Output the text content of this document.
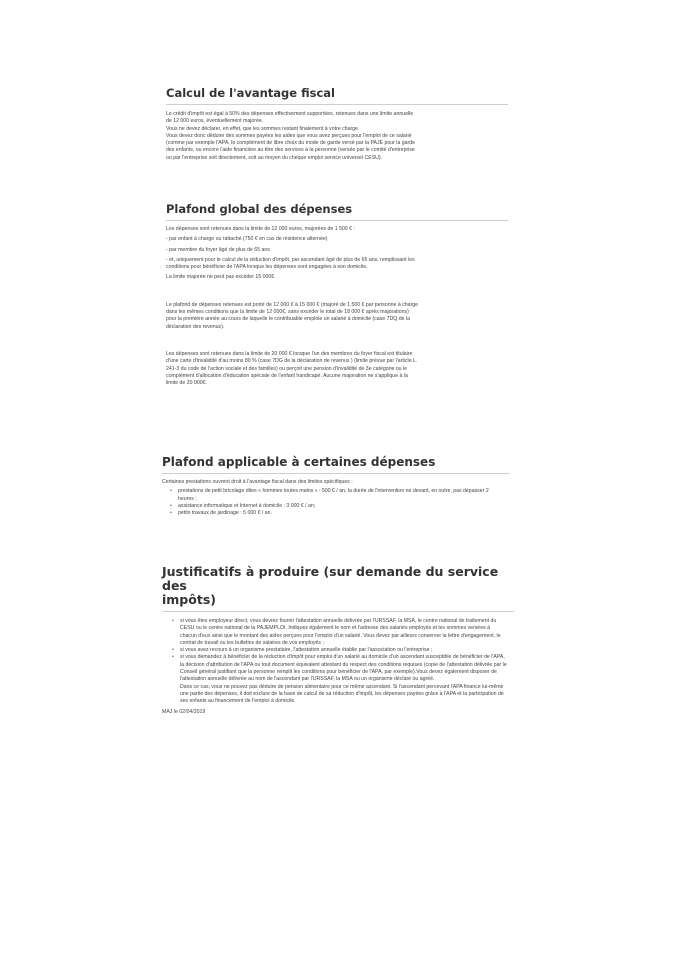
Calcul de l'avantage fiscal

Le crédit d'impôt est égal à 50% des dépenses effectivement supportées, retenues dans une limite annuelle

de 12 000 euros, éventuellement majorée.

Vous ne devez déclarer, en effet, que les sommes restant finalement à votre charge.

Vous devez donc déduire des sommes payées les aides que vous avez perçues pour l'emploi de ce salarié

(comme par exemple l'APA, le complément de libre choix du mode de garde versé par la PAJE pour la garde

des enfants, ou encore l'aide financière au titre des services à la personne (versée par le comité d'entreprise

ou par l'entreprise soit directement, soit au moyen du chèque emploi service universel CESU).

Plafond global des dépenses

Les dépenses sont retenues dans la limite de 12 000 euros, majorées de 1 500 € :

- par enfant à charge ou rattaché (750 € en cas de résidence alternée)

- par membre du foyer âgé de plus de 65 ans

- et, uniquement pour le calcul de la réduction d'impôt, par ascendant âgé de plus de 65 ans, remplissant les

conditions pour bénéficier de l'APA lorsque les dépenses sont engagées à son domicile,

La limite majorée ne peut pas excéder 15 000€.

Le plafond de dépenses retenues est porté de 12 000 € à 15 000 € (majoré de 1 500 € par personne à charge

dans les mêmes conditions que la limite de 12 000€, sans excéder le total de 18 000 € après majorations)

pour la première année au cours de laquelle le contribuable emploie un salarié à domicile (case 7DQ de la

déclaration des revenus).

Les dépenses sont retenues dans la limite de 20 000 € lorsque l'un des membres du foyer fiscal est titulaire

d'une carte d'invalidité d'au moins 80 % (case 7DG de la déclaration de revenus ) (limite prévue par l'article L.

241-3 du code de l'action sociale et des familles) ou perçoit une pension d'invalidité de 3e catégorie ou le

complément d'allocation d'éducation spéciale de l'enfant handicapé. Aucune majoration ne s'applique à la

limite de 20 000€.

Plafond applicable à certaines dépenses

Certaines prestations ouvrent droit à l'avantage fiscal dans des limites spécifiques :

• prestations de petit bricolage dites « hommes toutes mains » : 500 € / an, la durée de l'intervention ne devant, en outre, pas dépasser 2 heures ;
• assistance informatique et Internet à domicile : 3 000 € / an;
• petits travaux de jardinage : 5 000 € / an.
Justificatifs à produire (sur demande du service des
impôts)
• si vous êtes employeur direct, vous devrez fournir l'attestation annuelle délivrée par l'URSSAF, la MSA, le centre national de traitement du CESU ou le centre national de la PAJEMPLOI. Indiquez également le nom et l'adresse des salariés employés et les sommes versées à chacun d'eux ainsi que le montant des aides perçues pour l'emploi d'un salarié. Vous devez par ailleurs conserver la lettre d'engagement, le contrat de travail ou les bulletins de salaires de vos employés ;
• si vous avez recours à un organisme prestataire, l'attestation annuelle établie par l'association ou l'entreprise ;
• si vous demandez à bénéficier de la réduction d'impôt pour emploi d'un salarié au domicile d'un ascendant susceptible de bénéficier de l'APA, la décision d'attribution de l'APA ou tout document équivalent attestant du respect des conditions requises (copie de l'attestation délivrée par le Conseil général justifiant que la personne remplit les conditions pour bénéficier de l'APA, par exemple).Vous devez également disposer de l'attestation annuelle délivrée au nom de l'ascendant par l'URSSAF, la MSA ou un organisme déclaré ou agréé.

Dans ce cas, vous ne pouvez pas déduire de pension alimentaire pour ce même ascendant. Si l'ascendant percevant l'APA finance lui-même une partie des dépenses, il doit exclure de la base de calcul de sa réduction d'impôt, les dépenses payées grâce à l'APA et la participation de ses enfants au financement de l'emploi à domicile.

MAJ le 02/04/2019
